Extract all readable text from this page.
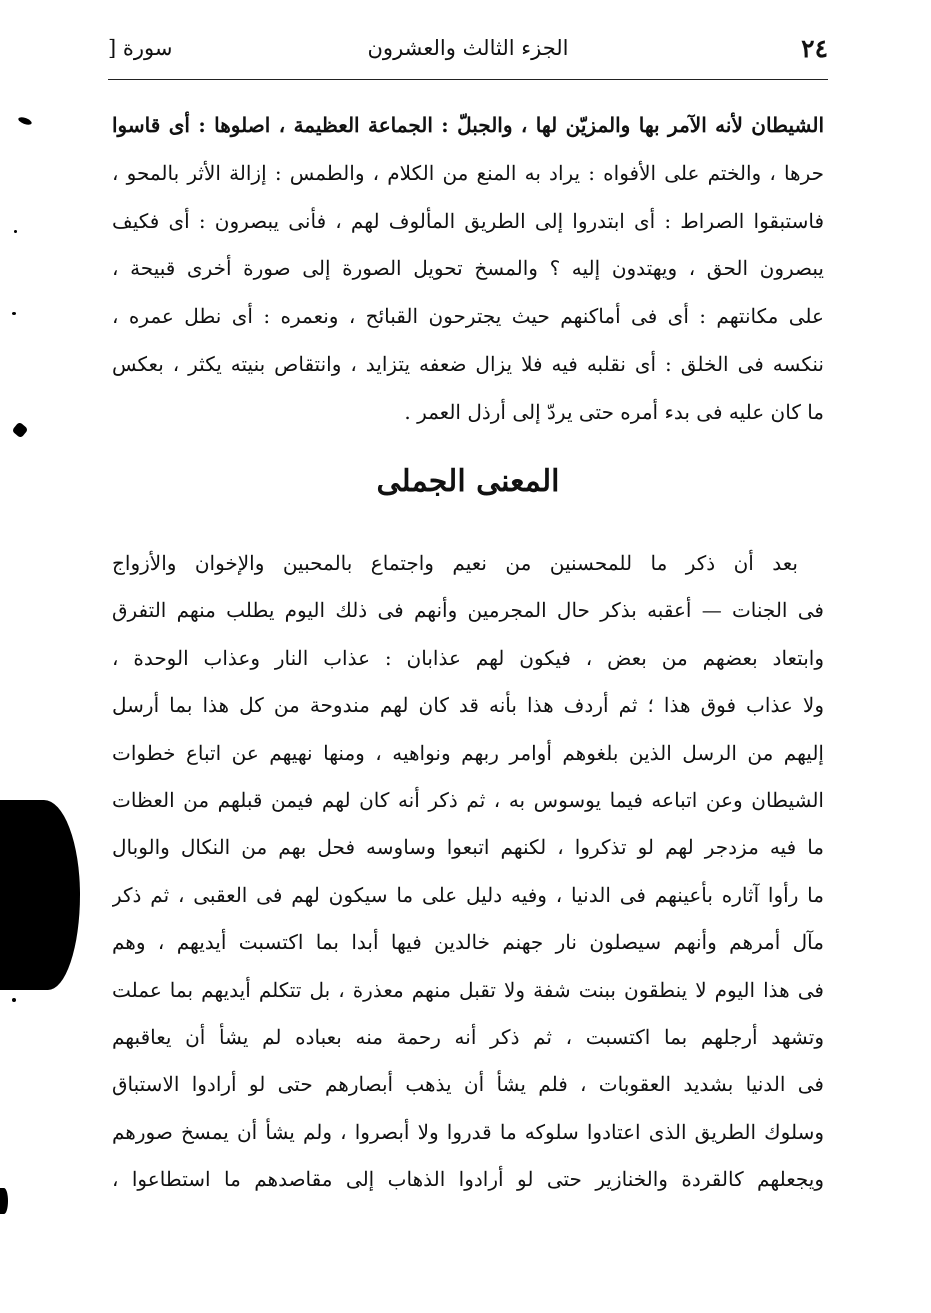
٢٤
الجزء الثالث والعشرون
سورة [
الشيطان لأنه الآمر بها والمزيّن لها ، والجبلّ : الجماعة العظيمة ، اصلوها : أى قاسوا
حرها ، والختم على الأفواه : يراد به المنع من الكلام ، والطمس : إزالة الأثر بالمحو ،
فاستبقوا الصراط : أى ابتدروا إلى الطريق المألوف لهم ، فأنى يبصرون : أى فكيف
يبصرون الحق ، ويهتدون إليه ؟ والمسخ تحويل الصورة إلى صورة أخرى قبيحة ،
على مكانتهم : أى فى أماكنهم حيث يجترحون القبائح ، ونعمره : أى نطل عمره ،
ننكسه فى الخلق : أى نقلبه فيه فلا يزال ضعفه يتزايد ، وانتقاص بنيته يكثر ، بعكس
ما كان عليه فى بدء أمره حتى يردّ إلى أرذل العمر .
المعنى الجملى
بعد أن ذكر ما للمحسنين من نعيم واجتماع بالمحبين والإخوان والأزواج
فى الجنات — أعقبه بذكر حال المجرمين وأنهم فى ذلك اليوم يطلب منهم التفرق
وابتعاد بعضهم من بعض ، فيكون لهم عذابان : عذاب النار وعذاب الوحدة ،
ولا عذاب فوق هذا ؛ ثم أردف هذا بأنه قد كان لهم مندوحة من كل هذا بما أرسل
إليهم من الرسل الذين بلغوهم أوامر ربهم ونواهيه ، ومنها نهيهم عن اتباع خطوات
الشيطان وعن اتباعه فيما يوسوس به ، ثم ذكر أنه كان لهم فيمن قبلهم من العظات
ما فيه مزدجر لهم لو تذكروا ، لكنهم اتبعوا وساوسه فحل بهم من النكال والوبال
ما رأوا آثاره بأعينهم فى الدنيا ، وفيه دليل على ما سيكون لهم فى العقبى ، ثم ذكر
مآل أمرهم وأنهم سيصلون نار جهنم خالدين فيها أبدا بما اكتسبت أيديهم ، وهم
فى هذا اليوم لا ينطقون ببنت شفة ولا تقبل منهم معذرة ، بل تتكلم أيديهم بما عملت
وتشهد أرجلهم بما اكتسبت ، ثم ذكر أنه رحمة منه بعباده لم يشأ أن يعاقبهم
فى الدنيا بشديد العقوبات ، فلم يشأ أن يذهب أبصارهم حتى لو أرادوا الاستباق
وسلوك الطريق الذى اعتادوا سلوكه ما قدروا ولا أبصروا ، ولم يشأ أن يمسخ صورهم
ويجعلهم كالقردة والخنازير حتى لو أرادوا الذهاب إلى مقاصدهم ما استطاعوا ،
